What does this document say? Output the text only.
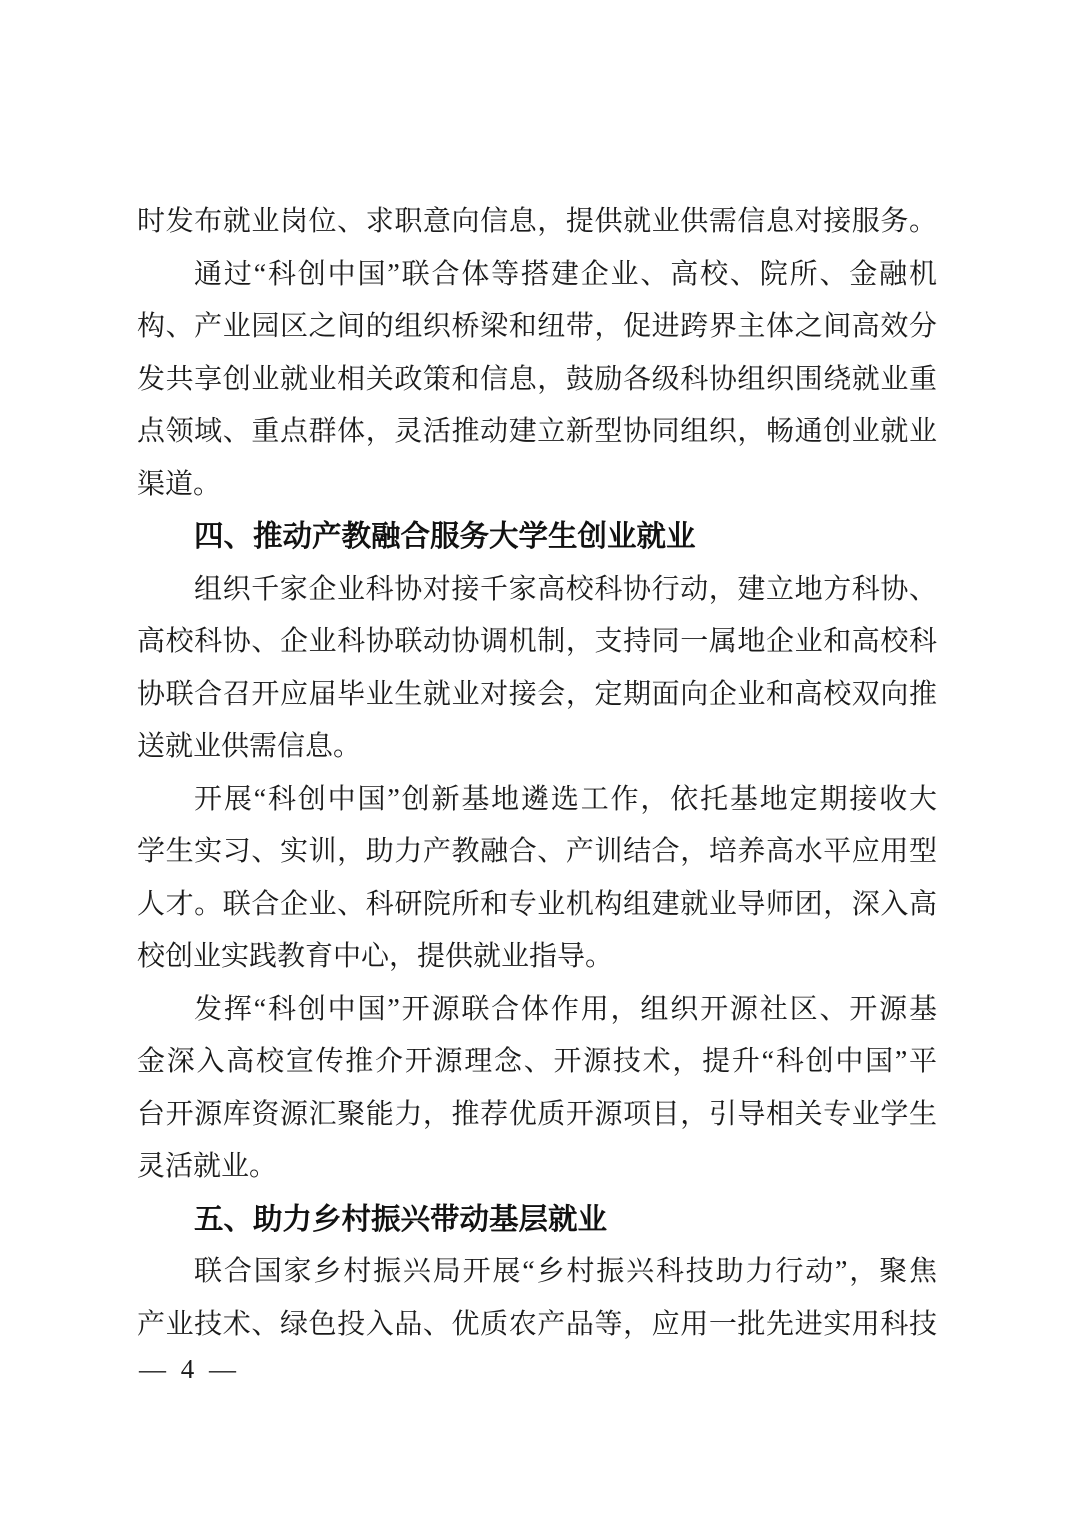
时发布就业岗位、求职意向信息，提供就业供需信息对接服务。
通过“科创中国”联合体等搭建企业、高校、院所、金融机
构、产业园区之间的组织桥梁和纽带，促进跨界主体之间高效分
发共享创业就业相关政策和信息，鼓励各级科协组织围绕就业重
点领域、重点群体，灵活推动建立新型协同组织，畅通创业就业
渠道。
四、推动产教融合服务大学生创业就业
组织千家企业科协对接千家高校科协行动，建立地方科协、
高校科协、企业科协联动协调机制，支持同一属地企业和高校科
协联合召开应届毕业生就业对接会，定期面向企业和高校双向推
送就业供需信息。
开展“科创中国”创新基地遴选工作，依托基地定期接收大
学生实习、实训，助力产教融合、产训结合，培养高水平应用型
人才。联合企业、科研院所和专业机构组建就业导师团，深入高
校创业实践教育中心，提供就业指导。
发挥“科创中国”开源联合体作用，组织开源社区、开源基
金深入高校宣传推介开源理念、开源技术，提升“科创中国”平
台开源库资源汇聚能力，推荐优质开源项目，引导相关专业学生
灵活就业。
五、助力乡村振兴带动基层就业
联合国家乡村振兴局开展“乡村振兴科技助力行动”，聚焦
产业技术、绿色投入品、优质农产品等，应用一批先进实用科技
— 4 —
